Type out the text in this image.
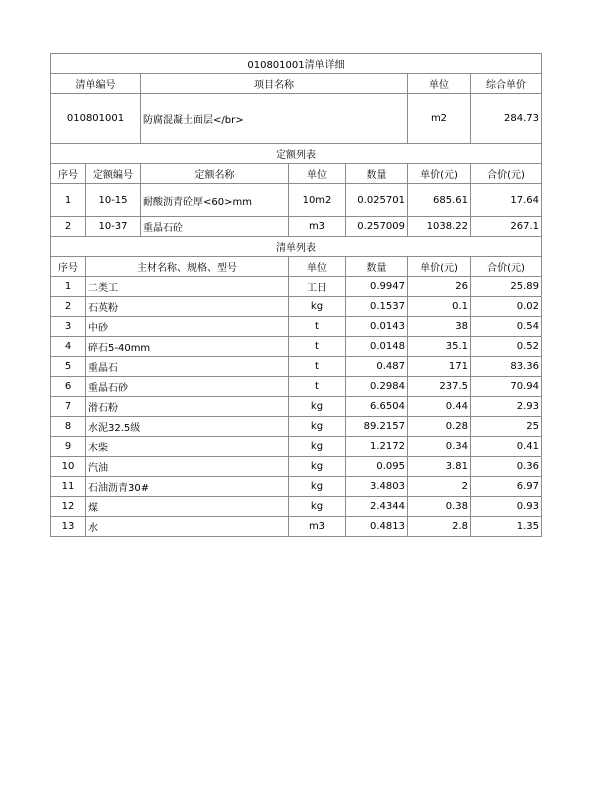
010801001清单详细						
清单编号		项目名称			单位	综合单价
010801001		防腐混凝土面层</br>			m2	284.73
定额列表						
序号	定额编号	定额名称	单位	数量	单价(元)	合价(元)
1	10-15	耐酸沥青砼厚<60>mm	10m2	0.025701	685.61	17.64
2	10-37	重晶石砼	m3	0.257009	1038.22	267.1
清单列表						
序号	主材名称、规格、型号		单位	数量	单价(元)	合价(元)
1	二类工		工日	0.9947	26	25.89
2	石英粉		kg	0.1537	0.1	0.02
3	中砂		t	0.0143	38	0.54
4	碎石5-40mm		t	0.0148	35.1	0.52
5	重晶石		t	0.487	171	83.36
6	重晶石砂		t	0.2984	237.5	70.94
7	滑石粉		kg	6.6504	0.44	2.93
8	水泥32.5级		kg	89.2157	0.28	25
9	木柴		kg	1.2172	0.34	0.41
10	汽油		kg	0.095	3.81	0.36
11	石油沥青30#		kg	3.4803	2	6.97
12	煤		kg	2.4344	0.38	0.93
13	水		m3	0.4813	2.8	1.35
